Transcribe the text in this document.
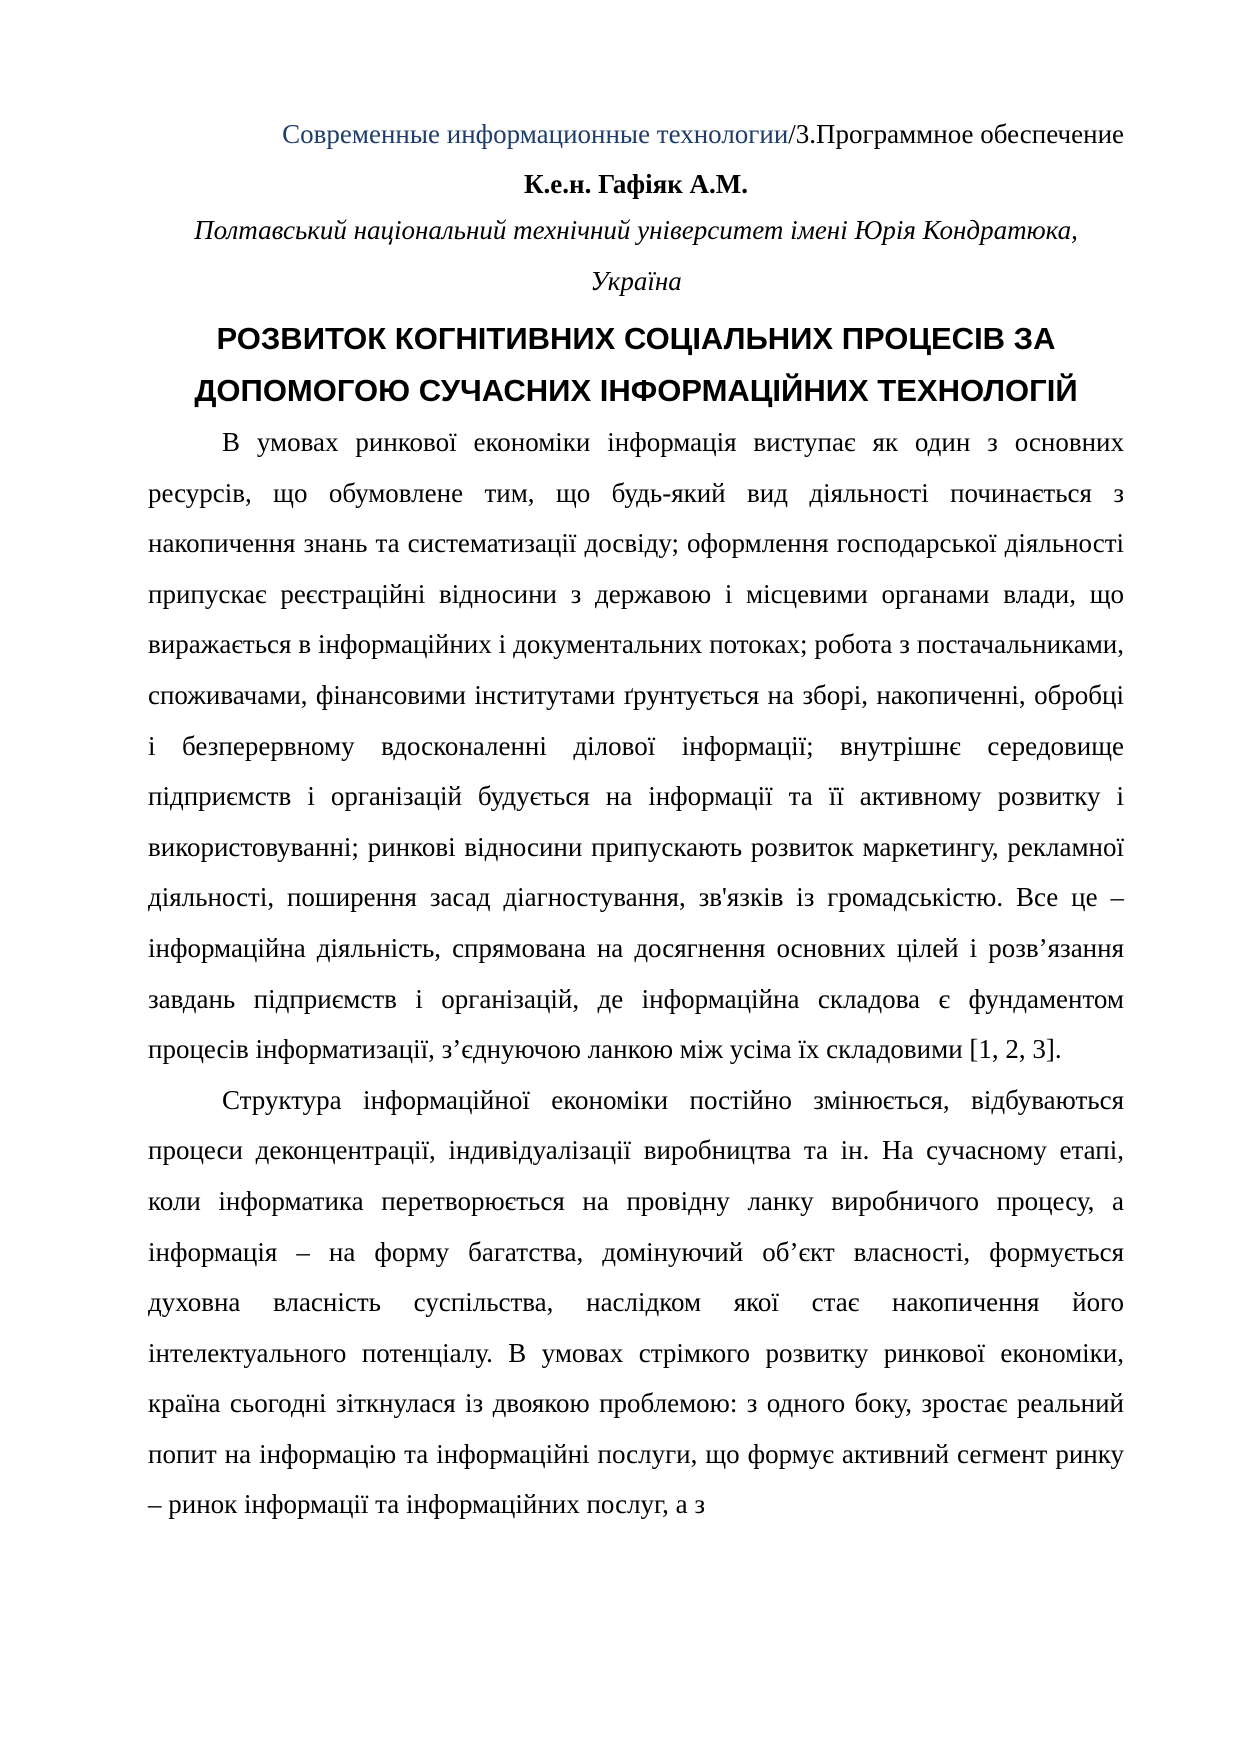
Современные информационные технологии/3.Программное обеспечение

К.е.н. Гафіяк А.М.

Полтавський національний технічний університет імені Юрія Кондратюка, Україна

РОЗВИТОК КОГНІТИВНИХ СОЦІАЛЬНИХ ПРОЦЕСІВ ЗА ДОПОМОГОЮ СУЧАСНИХ ІНФОРМАЦІЙНИХ ТЕХНОЛОГІЙ

В умовах ринкової економіки інформація виступає як один з основних ресурсів, що обумовлене тим, що будь-який вид діяльності починається з накопичення знань та систематизації досвіду; оформлення господарської діяльності припускає реєстраційні відносини з державою і місцевими органами влади, що виражається в інформаційних і документальних потоках; робота з постачальниками, споживачами, фінансовими інститутами ґрунтується на зборі, накопиченні, обробці і безперервному вдосконаленні ділової інформації; внутрішнє середовище підприємств і організацій будується на інформації та її активному розвитку і використовуванні; ринкові відносини припускають розвиток маркетингу, рекламної діяльності, поширення засад діагностування, зв'язків із громадськістю. Все це – інформаційна діяльність, спрямована на досягнення основних цілей і розв’язання завдань підприємств і організацій, де інформаційна складова є фундаментом процесів інформатизації, з’єднуючою ланкою між усіма їх складовими [1, 2, 3].

Структура інформаційної економіки постійно змінюється, відбуваються процеси деконцентрації, індивідуалізації виробництва та ін. На сучасному етапі, коли інформатика перетворюється на провідну ланку виробничого процесу, а інформація – на форму багатства, домінуючий об’єкт власності, формується духовна власність суспільства, наслідком якої стає накопичення його інтелектуального потенціалу. В умовах стрімкого розвитку ринкової економіки, країна сьогодні зіткнулася із двоякою проблемою: з одного боку, зростає реальний попит на інформацію та інформаційні послуги, що формує активний сегмент ринку – ринок інформації та інформаційних послуг, а з
